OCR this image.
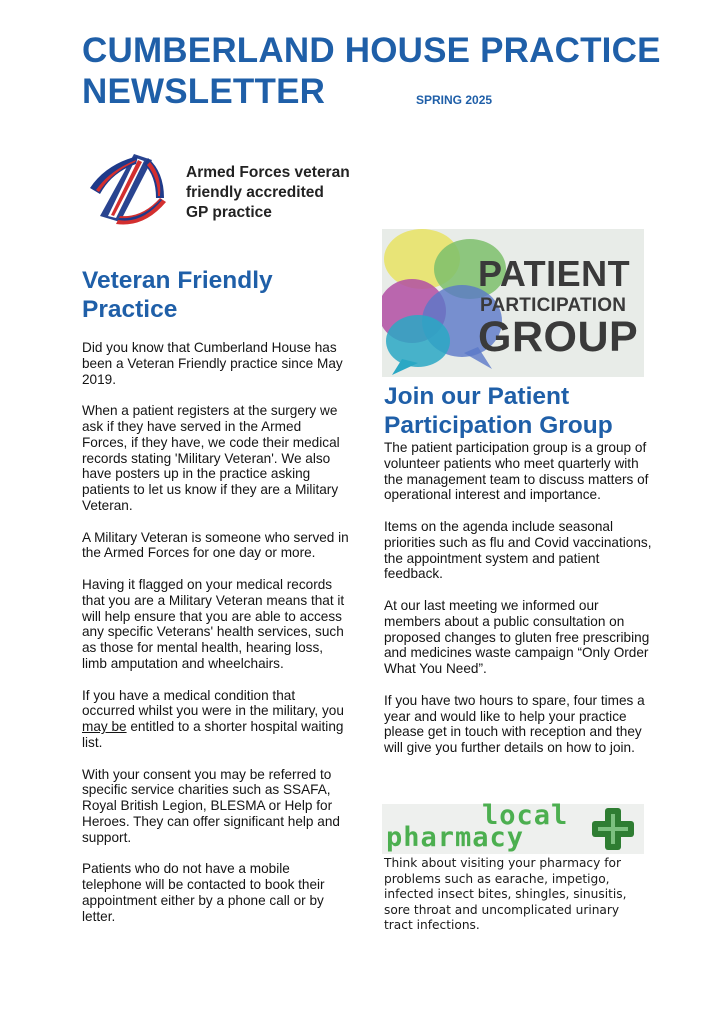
CUMBERLAND HOUSE PRACTICE
NEWSLETTER	SPRING 2025
Armed Forces veteran
friendly accredited
GP practice
PATIENT
PARTICIPATION
GROUP
Veteran Friendly
Practice

Did you know that Cumberland House has been a Veteran Friendly practice since May 2019.

When a patient registers at the surgery we ask if they have served in the Armed Forces, if they have, we code their medical records stating 'Military Veteran'. We also have posters up in the practice asking patients to let us know if they are a Military Veteran.

A Military Veteran is someone who served in the Armed Forces for one day or more.

Having it flagged on your medical records that you are a Military Veteran means that it will help ensure that you are able to access any specific Veterans' health services, such as those for mental health, hearing loss, limb amputation and wheelchairs.

If you have a medical condition that occurred whilst you were in the military, you may be entitled to a shorter hospital waiting list.

With your consent you may be referred to specific service charities such as SSAFA, Royal British Legion, BLESMA or Help for Heroes. They can offer significant help and support.

Patients who do not have a mobile telephone will be contacted to book their appointment either by a phone call or by letter.

Join our Patient
Participation Group

The patient participation group is a group of volunteer patients who meet quarterly with the management team to discuss matters of operational interest and importance.

Items on the agenda include seasonal priorities such as flu and Covid vaccinations, the appointment system and patient feedback.

At our last meeting we informed our members about a public consultation on proposed changes to gluten free prescribing and medicines waste campaign “Only Order What You Need”.

If you have two hours to spare, four times a year and would like to help your practice please get in touch with reception and they will give you further details on how to join.

local
pharmacy
Think about visiting your pharmacy for problems such as earache, impetigo, infected insect bites, shingles, sinusitis, sore throat and uncomplicated urinary tract infections.
